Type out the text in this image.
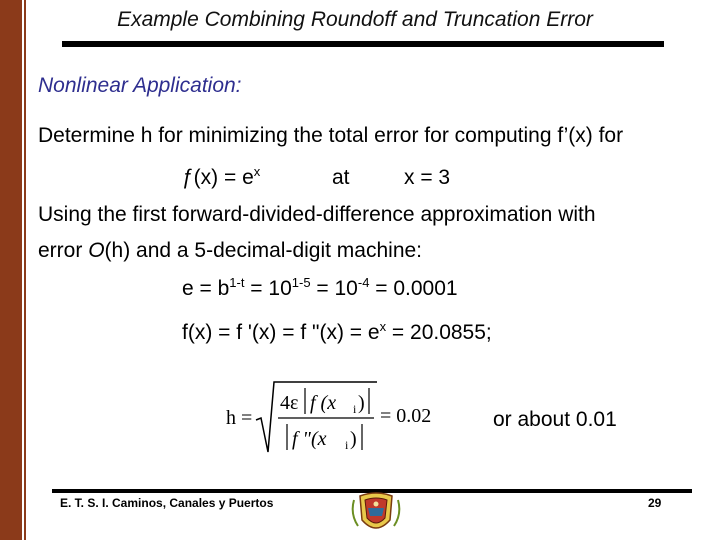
Example Combining Roundoff and Truncation Error
Nonlinear Application:
Determine h for minimizing the total error for computing f’(x) for
ƒ(x) = $e^x$	at	x = 3
Using the first forward-divided-difference approximation with
error O(h) and a 5-decimal-digit machine:
$e = b^{1-t} = 10^{1-5} = 10^{-4} = 0.0001$
f(x) = f '(x) = f "$(x) = e^x = 20.0855$;
h =
4ε f (x i )
f "(x i )
= 0.02	or about 0.01
E. T. S. I. Caminos, Canales y Puertos	29
